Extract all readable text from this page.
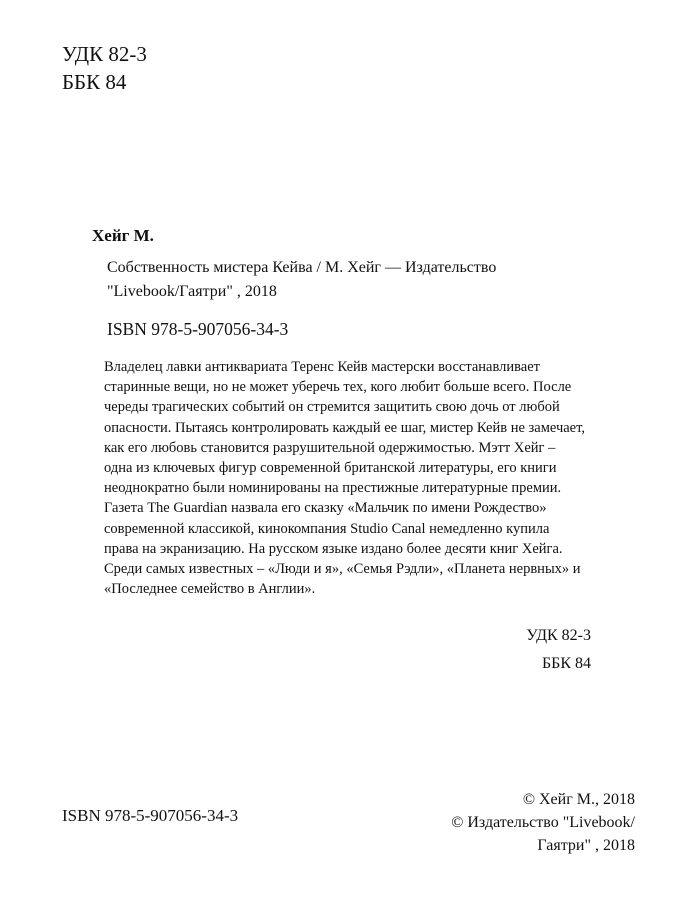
УДК 82-3
ББК 84
Хейг М.
Собственность мистера Кейва / М. Хейг — Издательство
"Livebook/Гаятри" , 2018
ISBN 978-5-907056-34-3
Владелец лавки антиквариата Теренс Кейв мастерски восстанавливает
старинные вещи, но не может уберечь тех, кого любит больше всего. После
череды трагических событий он стремится защитить свою дочь от любой
опасности. Пытаясь контролировать каждый ее шаг, мистер Кейв не замечает,
как его любовь становится разрушительной одержимостью. Мэтт Хейг –
одна из ключевых фигур современной британской литературы, его книги
неоднократно были номинированы на престижные литературные премии.
Газета The Guardian назвала его сказку «Мальчик по имени Рождество»
современной классикой, кинокомпания Studio Canal немедленно купила
права на экранизацию. На русском языке издано более десяти книг Хейга.
Среди самых известных – «Люди и я», «Семья Рэдли», «Планета нервных» и
«Последнее семейство в Англии».
УДК 82-3
ББК 84
ISBN 978-5-907056-34-3
© Хейг М., 2018
© Издательство "Livebook/
Гаятри" , 2018
